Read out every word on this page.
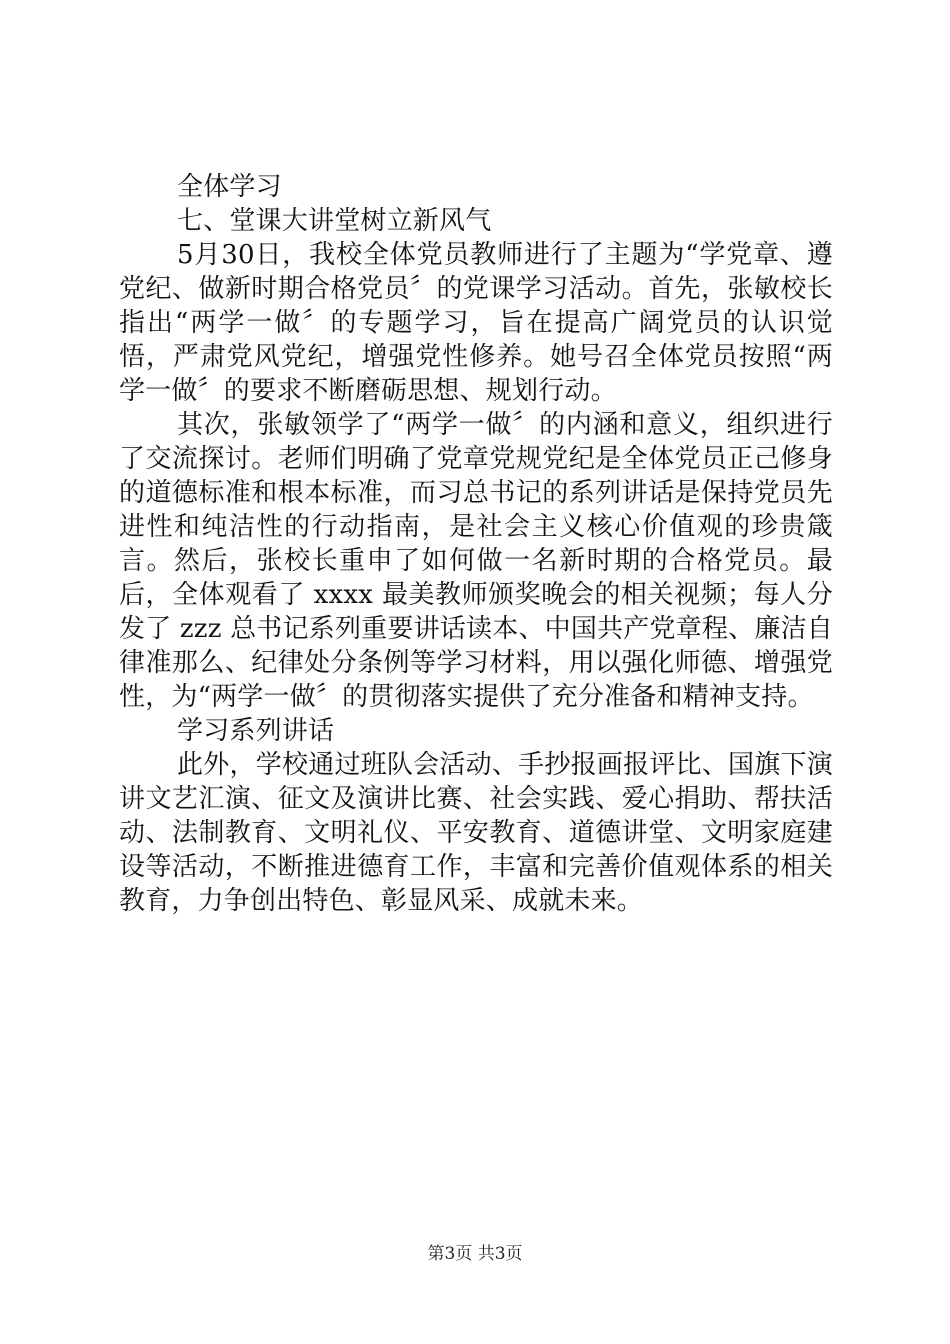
全体学习

七、堂课大讲堂树立新风气

5月30日，我校全体党员教师进行了主题为“学党章、遵党纪、做新时期合格党员〞的党课学习活动。首先，张敏校长指出“两学一做〞的专题学习，旨在提高广阔党员的认识觉悟，严肃党风党纪，增强党性修养。她号召全体党员按照“两学一做〞的要求不断磨砺思想、规划行动。

其次，张敏领学了“两学一做〞的内涵和意义，组织进行了交流探讨。老师们明确了党章党规党纪是全体党员正己修身的道德标准和根本标准，而习总书记的系列讲话是保持党员先进性和纯洁性的行动指南，是社会主义核心价值观的珍贵箴言。然后，张校长重申了如何做一名新时期的合格党员。最后，全体观看了 xxxx 最美教师颁奖晚会的相关视频；每人分发了 zzz 总书记系列重要讲话读本、中国共产党章程、廉洁自律准那么、纪律处分条例等学习材料，用以强化师德、增强党性，为“两学一做〞的贯彻落实提供了充分准备和精神支持。

学习系列讲话

此外，学校通过班队会活动、手抄报画报评比、国旗下演讲文艺汇演、征文及演讲比赛、社会实践、爱心捐助、帮扶活动、法制教育、文明礼仪、平安教育、道德讲堂、文明家庭建设等活动，不断推进德育工作，丰富和完善价值观体系的相关教育，力争创出特色、彰显风采、成就未来。

第3页 共3页
